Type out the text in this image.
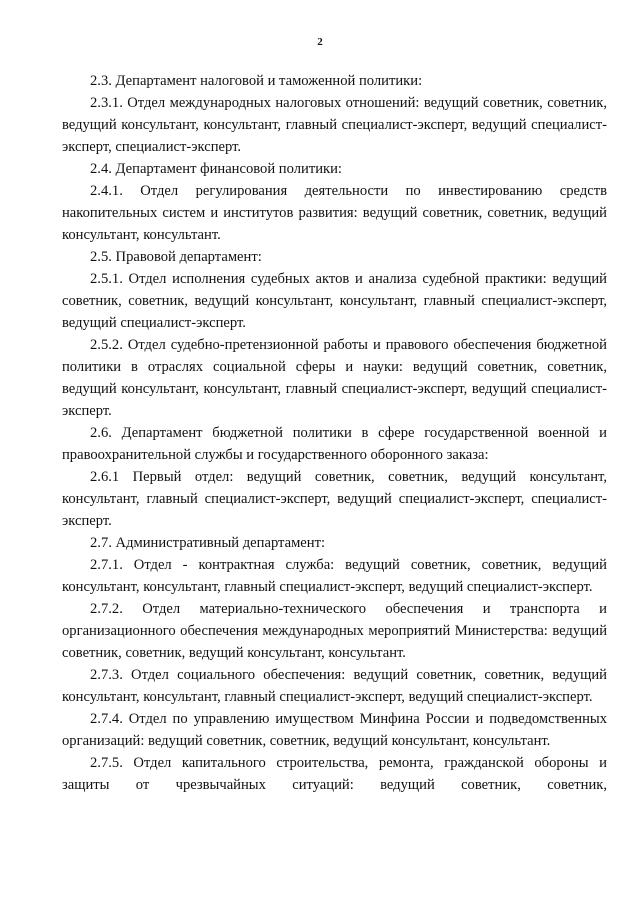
2

2.3. Департамент налоговой и таможенной политики:

2.3.1. Отдел международных налоговых отношений: ведущий советник, советник, ведущий консультант, консультант, главный специалист-эксперт, ведущий специалист-эксперт, специалист-эксперт.

2.4. Департамент финансовой политики:

2.4.1. Отдел регулирования деятельности по инвестированию средств накопительных систем и институтов развития: ведущий советник, советник, ведущий консультант, консультант.

2.5. Правовой департамент:

2.5.1. Отдел исполнения судебных актов и анализа судебной практики: ведущий советник, советник, ведущий консультант, консультант, главный специалист-эксперт, ведущий специалист-эксперт.

2.5.2. Отдел судебно-претензионной работы и правового обеспечения бюджетной политики в отраслях социальной сферы и науки: ведущий советник, советник, ведущий консультант, консультант, главный специалист-эксперт, ведущий специалист-эксперт.

2.6. Департамент бюджетной политики в сфере государственной военной и правоохранительной службы и государственного оборонного заказа:

2.6.1 Первый отдел: ведущий советник, советник, ведущий консультант, консультант, главный специалист-эксперт, ведущий специалист-эксперт, специалист-эксперт.

2.7. Административный департамент:

2.7.1. Отдел - контрактная служба: ведущий советник, советник, ведущий консультант, консультант, главный специалист-эксперт, ведущий специалист-эксперт.

2.7.2. Отдел материально-технического обеспечения и транспорта и организационного обеспечения международных мероприятий Министерства: ведущий советник, советник, ведущий консультант, консультант.

2.7.3. Отдел социального обеспечения: ведущий советник, советник, ведущий консультант, консультант, главный специалист-эксперт, ведущий специалист-эксперт.

2.7.4. Отдел по управлению имуществом Минфина России и подведомственных организаций: ведущий советник, советник, ведущий консультант, консультант.

2.7.5. Отдел капитального строительства, ремонта, гражданской обороны и защиты от чрезвычайных ситуаций: ведущий советник, советник,
